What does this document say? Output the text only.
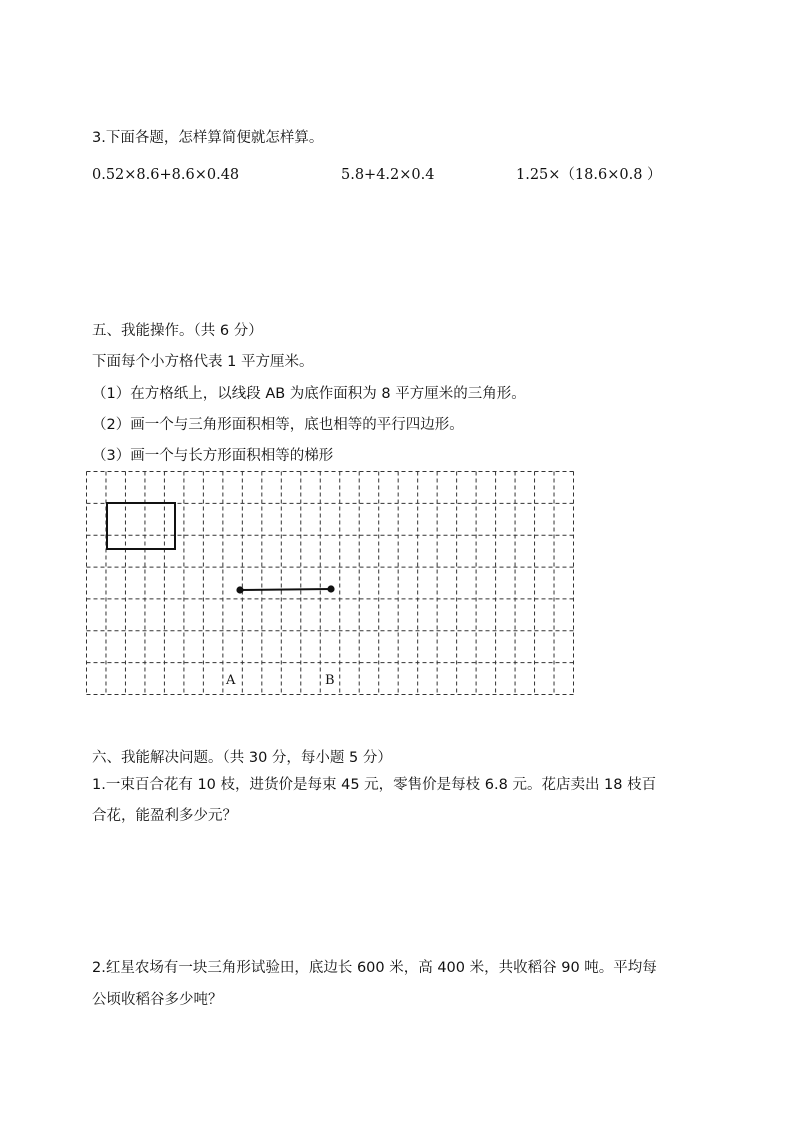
3.下面各题，怎样算简便就怎样算。
0.52×8.6+8.6×0.48	5.8+4.2×0.4	1.25×（18.6×0.8 ）
五、我能操作。（共 6 分）
下面每个小方格代表 1 平方厘米。
（1）在方格纸上，以线段 AB 为底作面积为 8 平方厘米的三角形。
（2）画一个与三角形面积相等，底也相等的平行四边形。
（3）画一个与长方形面积相等的梯形
A	B
六、我能解决问题。（共 30 分，每小题 5 分）
1.一束百合花有 10 枝，进货价是每束 45 元，零售价是每枝 6.8 元。花店卖出 18 枝百
合花，能盈利多少元？
2.红星农场有一块三角形试验田，底边长 600 米，高 400 米，共收稻谷 90 吨。平均每
公顷收稻谷多少吨？
